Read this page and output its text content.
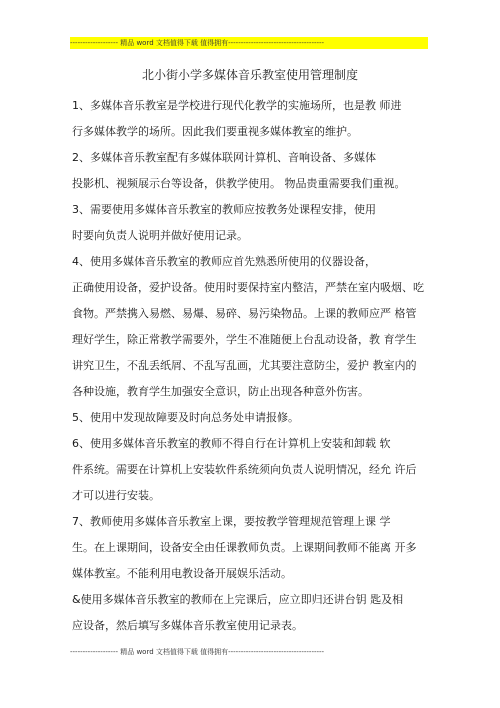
------------------- 精品 word 文档值得下载 值得拥有--------------------------------------
北小街小学多媒体音乐教室使用管理制度
1、多媒体音乐教室是学校进行现代化教学的实施场所，也是教 师进
行多媒体教学的场所。因此我们要重视多媒体教室的维护。
2、多媒体音乐教室配有多媒体联网计算机、音响设备、多媒体
投影机、视频展示台等设备，供教学使用。 物品贵重需要我们重视。
3、需要使用多媒体音乐教室的教师应按教务处课程安排，使用
时要向负责人说明并做好使用记录。
4、使用多媒体音乐教室的教师应首先熟悉所使用的仪器设备，
正确使用设备，爱护设备。使用时要保持室内整洁，严禁在室内吸烟、吃
食物。严禁携入易燃、易爆、易碎、易污染物品。上课的教师应严 格管
理好学生，除正常教学需要外，学生不准随便上台乱动设备，教 育学生
讲究卫生，不乱丢纸屑、不乱写乱画，尤其要注意防尘，爱护 教室内的
各种设施，教育学生加强安全意识，防止出现各种意外伤害。
5、使用中发现故障要及时向总务处申请报修。
6、使用多媒体音乐教室的教师不得自行在计算机上安装和卸载 软
件系统。需要在计算机上安装软件系统须向负责人说明情况，经允 许后
才可以进行安装。
7、教师使用多媒体音乐教室上课，要按教学管理规范管理上课 学
生。在上课期间，设备安全由任课教师负责。上课期间教师不能离 开多
媒体教室。不能利用电教设备开展娱乐活动。
&使用多媒体音乐教室的教师在上完课后，应立即归还讲台钥 匙及相
应设备，然后填写多媒体音乐教室使用记录表。
------------------- 精品 word 文档值得下载 值得拥有--------------------------------------
